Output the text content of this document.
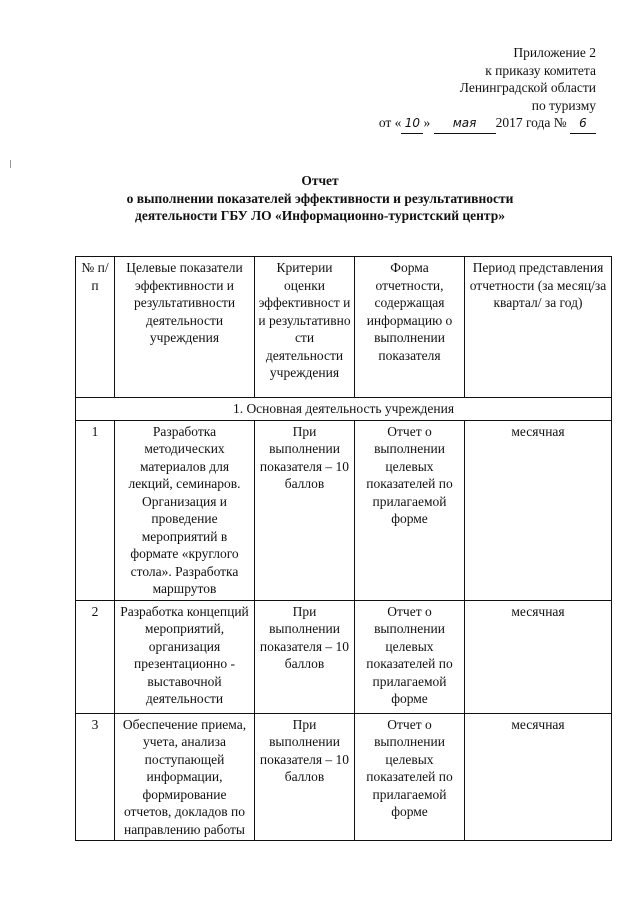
Приложение 2
к приказу комитета
Ленинградской области
по туризму
от « 10 » мая 2017 года № 6
Отчет
о выполнении показателей эффективности и результативности
деятельности ГБУ ЛО «Информационно-туристский центр»
№ п/п	Целевые показатели эффективности и результативности деятельности учреждения	Критерии оценки эффективност и и результативно сти деятельности учреждения	Форма отчетности, содержащая информацию о выполнении показателя	Период представления отчетности (за месяц/за квартал/ за год)
1. Основная деятельность учреждения				
1	Разработка методических материалов для лекций, семинаров. Организация и проведение мероприятий в формате «круглого стола». Разработка маршрутов	При выполнении показателя – 10 баллов	Отчет о выполнении целевых показателей по прилагаемой форме	месячная
2	Разработка концепций мероприятий, организация презентационно - выставочной деятельности	При выполнении показателя – 10 баллов	Отчет о выполнении целевых показателей по прилагаемой форме	месячная
3	Обеспечение приема, учета, анализа поступающей информации, формирование отчетов, докладов по направлению работы	При выполнении показателя – 10 баллов	Отчет о выполнении целевых показателей по прилагаемой форме	месячная
